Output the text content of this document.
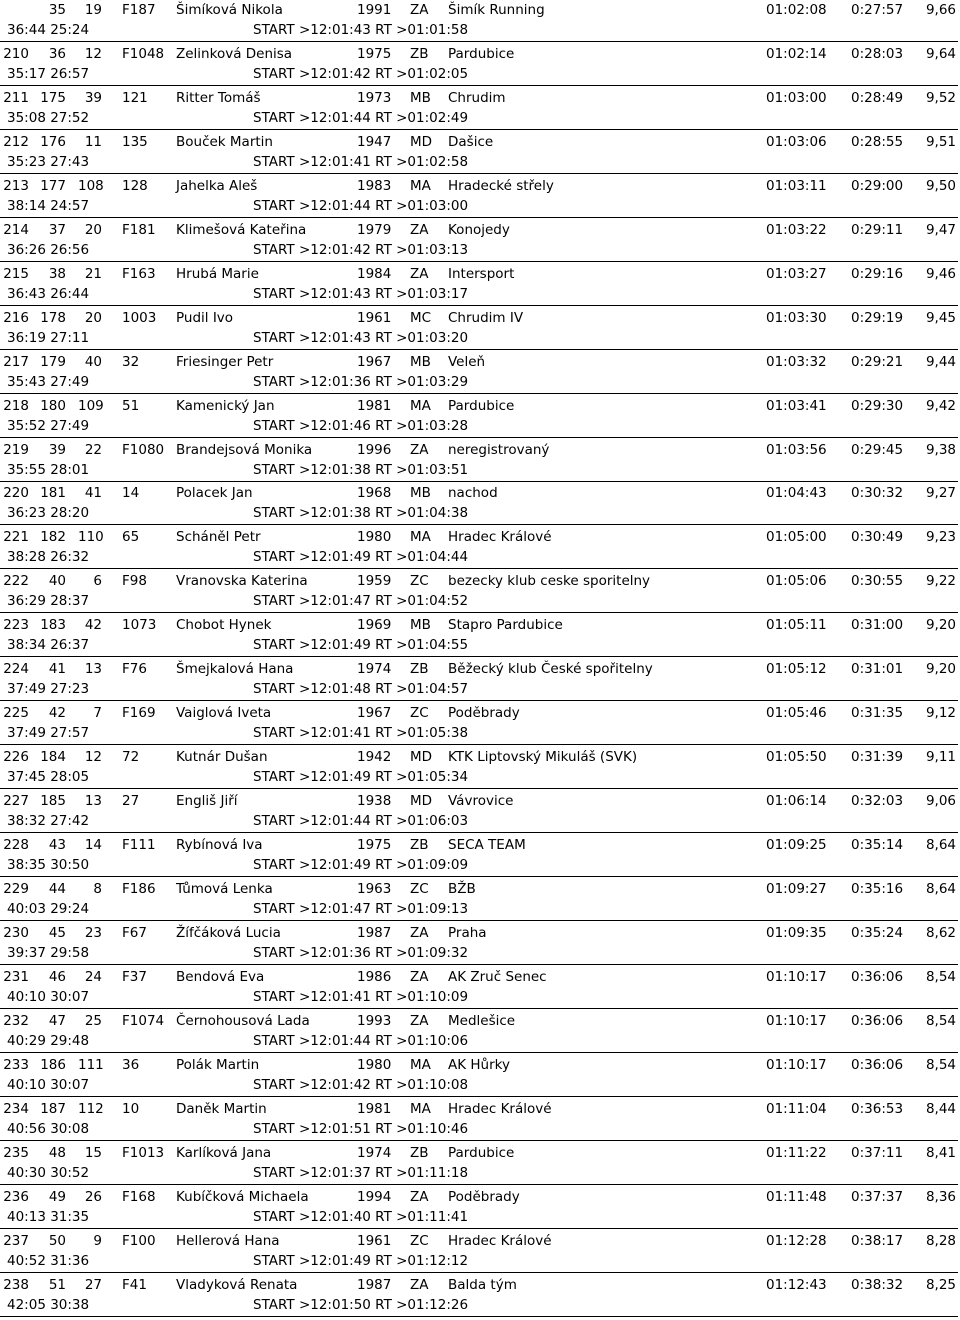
35	19 F187 Šimíková Nikola	1991 ZA Šimík Running	01:02:08 0:27:57 9,66
36:44 25:24	START >12:01:43 RT >01:01:58
210	36	12 F1048 Zelinková Denisa	1975 ZB Pardubice	01:02:14 0:28:03 9,64
35:17 26:57	START >12:01:42 RT >01:02:05
211 175	39 121 Ritter Tomáš	1973 MB Chrudim	01:03:00 0:28:49 9,52
35:08 27:52	START >12:01:44 RT >01:02:49
212 176	11 135 Bouček Martin	1947 MD Dašice	01:03:06 0:28:55 9,51
35:23 27:43	START >12:01:41 RT >01:02:58
213 177 108 128 Jahelka Aleš	1983 MA Hradecké střely	01:03:11 0:29:00 9,50
38:14 24:57	START >12:01:44 RT >01:03:00
214	37	20 F181 Klimešová Kateřina	1979 ZA Konojedy	01:03:22 0:29:11 9,47
36:26 26:56	START >12:01:42 RT >01:03:13
215	38	21 F163 Hrubá Marie	1984 ZA Intersport	01:03:27 0:29:16 9,46
36:43 26:44	START >12:01:43 RT >01:03:17
216 178	20 1003 Pudil Ivo	1961 MC Chrudim IV	01:03:30 0:29:19 9,45
36:19 27:11	START >12:01:43 RT >01:03:20
217 179	40 32	Friesinger Petr	1967 MB Veleň	01:03:32 0:29:21 9,44
35:43 27:49	START >12:01:36 RT >01:03:29
218 180 109 51	Kamenický Jan	1981 MA Pardubice	01:03:41 0:29:30 9,42
35:52 27:49	START >12:01:46 RT >01:03:28
219	39	22 F1080 Brandejsová Monika	1996 ZA neregistrovaný	01:03:56 0:29:45 9,38
35:55 28:01	START >12:01:38 RT >01:03:51
220 181	41 14	Polacek Jan	1968 MB nachod	01:04:43 0:30:32 9,27
36:23 28:20	START >12:01:38 RT >01:04:38
221 182 110 65	Scháněl Petr	1980 MA Hradec Králové	01:05:00 0:30:49 9,23
38:28 26:32	START >12:01:49 RT >01:04:44
222	40	6 F98 Vranovska Katerina	1959 ZC bezecky klub ceske sporitelny	01:05:06 0:30:55 9,22
36:29 28:37	START >12:01:47 RT >01:04:52
223 183	42 1073 Chobot Hynek	1969 MB Stapro Pardubice	01:05:11 0:31:00 9,20
38:34 26:37	START >12:01:49 RT >01:04:55
224	41	13 F76 Šmejkalová Hana	1974 ZB Běžecký klub České spořitelny	01:05:12 0:31:01 9,20
37:49 27:23	START >12:01:48 RT >01:04:57
225	42	7 F169 Vaiglová Iveta	1967 ZC Poděbrady	01:05:46 0:31:35 9,12
37:49 27:57	START >12:01:41 RT >01:05:38
226 184	12 72	Kutnár Dušan	1942 MD KTK Liptovský Mikuláš (SVK)	01:05:50 0:31:39 9,11
37:45 28:05	START >12:01:49 RT >01:05:34
227 185	13 27	Engliš Jiří	1938 MD Vávrovice	01:06:14 0:32:03 9,06
38:32 27:42	START >12:01:44 RT >01:06:03
228	43	14 F111 Rybínová Iva	1975 ZB SECA TEAM	01:09:25 0:35:14 8,64
38:35 30:50	START >12:01:49 RT >01:09:09
229	44	8 F186 Tůmová Lenka	1963 ZC BŽB	01:09:27 0:35:16 8,64
40:03 29:24	START >12:01:47 RT >01:09:13
230	45	23 F67 Žífčáková Lucia	1987 ZA Praha	01:09:35 0:35:24 8,62
39:37 29:58	START >12:01:36 RT >01:09:32
231	46	24 F37 Bendová Eva	1986 ZA AK Zruč Senec	01:10:17 0:36:06 8,54
40:10 30:07	START >12:01:41 RT >01:10:09
232	47	25 F1074 Černohousová Lada	1993 ZA Medlešice	01:10:17 0:36:06 8,54
40:29 29:48	START >12:01:44 RT >01:10:06
233 186 111 36	Polák Martin	1980 MA AK Hůrky	01:10:17 0:36:06 8,54
40:10 30:07	START >12:01:42 RT >01:10:08
234 187 112 10	Daněk Martin	1981 MA Hradec Králové	01:11:04 0:36:53 8,44
40:56 30:08	START >12:01:51 RT >01:10:46
235	48	15 F1013 Karlíková Jana	1974 ZB Pardubice	01:11:22 0:37:11 8,41
40:30 30:52	START >12:01:37 RT >01:11:18
236	49	26 F168 Kubíčková Michaela	1994 ZA Poděbrady	01:11:48 0:37:37 8,36
40:13 31:35	START >12:01:40 RT >01:11:41
237	50	9 F100 Hellerová Hana	1961 ZC Hradec Králové	01:12:28 0:38:17 8,28
40:52 31:36	START >12:01:49 RT >01:12:12
238	51	27 F41 Vladyková Renata	1987 ZA Balda tým	01:12:43 0:38:32 8,25
42:05 30:38	START >12:01:50 RT >01:12:26
